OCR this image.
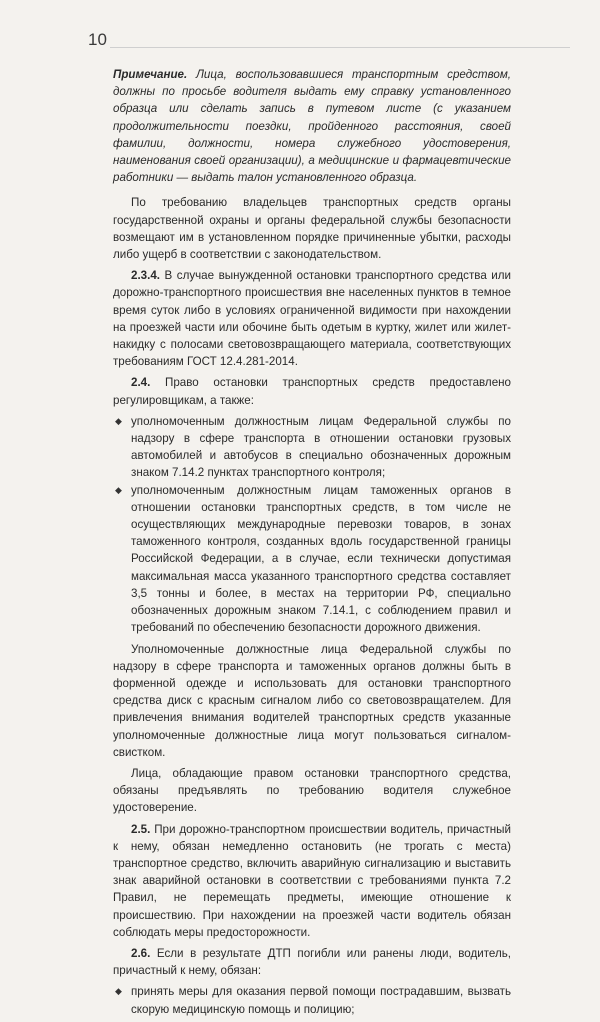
10

Примечание. Лица, воспользовавшиеся транспортным средством, должны по просьбе водителя выдать ему справку установленного образца или сделать запись в путевом листе (с указанием продолжительности поездки, пройденного расстояния, своей фамилии, должности, номера служебного удостоверения, наименования своей организации), а медицинские и фармацевтические работники — выдать талон установленного образца.

По требованию владельцев транспортных средств органы государственной охраны и органы федеральной службы безопасности возмещают им в установленном порядке причиненные убытки, расходы либо ущерб в соответствии с законодательством.

2.3.4. В случае вынужденной остановки транспортного средства или дорожно-транспортного происшествия вне населенных пунктов в темное время суток либо в условиях ограниченной видимости при нахождении на проезжей части или обочине быть одетым в куртку, жилет или жилет-накидку с полосами световозвращающего материала, соответствующих требованиям ГОСТ 12.4.281-2014.

2.4. Право остановки транспортных средств предоставлено регулировщикам, а также:

◆ уполномоченным должностным лицам Федеральной службы по надзору в сфере транспорта в отношении остановки грузовых автомобилей и автобусов в специально обозначенных дорожным знаком 7.14.2 пунктах транспортного контроля;
◆ уполномоченным должностным лицам таможенных органов в отношении остановки транспортных средств, в том числе не осуществляющих международные перевозки товаров, в зонах таможенного контроля, созданных вдоль государственной границы Российской Федерации, а в случае, если технически допустимая максимальная масса указанного транспортного средства составляет 3,5 тонны и более, в местах на территории РФ, специально обозначенных дорожным знаком 7.14.1, с соблюдением правил и требований по обеспечению безопасности дорожного движения.

Уполномоченные должностные лица Федеральной службы по надзору в сфере транспорта и таможенных органов должны быть в форменной одежде и использовать для остановки транспортного средства диск с красным сигналом либо со световозвращателем. Для привлечения внимания водителей транспортных средств указанные уполномоченные должностные лица могут пользоваться сигналом-свистком.

Лица, обладающие правом остановки транспортного средства, обязаны предъявлять по требованию водителя служебное удостоверение.

2.5. При дорожно-транспортном происшествии водитель, причастный к нему, обязан немедленно остановить (не трогать с места) транспортное средство, включить аварийную сигнализацию и выставить знак аварийной остановки в соответствии с требованиями пункта 7.2 Правил, не перемещать предметы, имеющие отношение к происшествию. При нахождении на проезжей части водитель обязан соблюдать меры предосторожности.

2.6. Если в результате ДТП погибли или ранены люди, водитель, причастный к нему, обязан:

◆ принять меры для оказания первой помощи пострадавшим, вызвать скорую медицинскую помощь и полицию;
